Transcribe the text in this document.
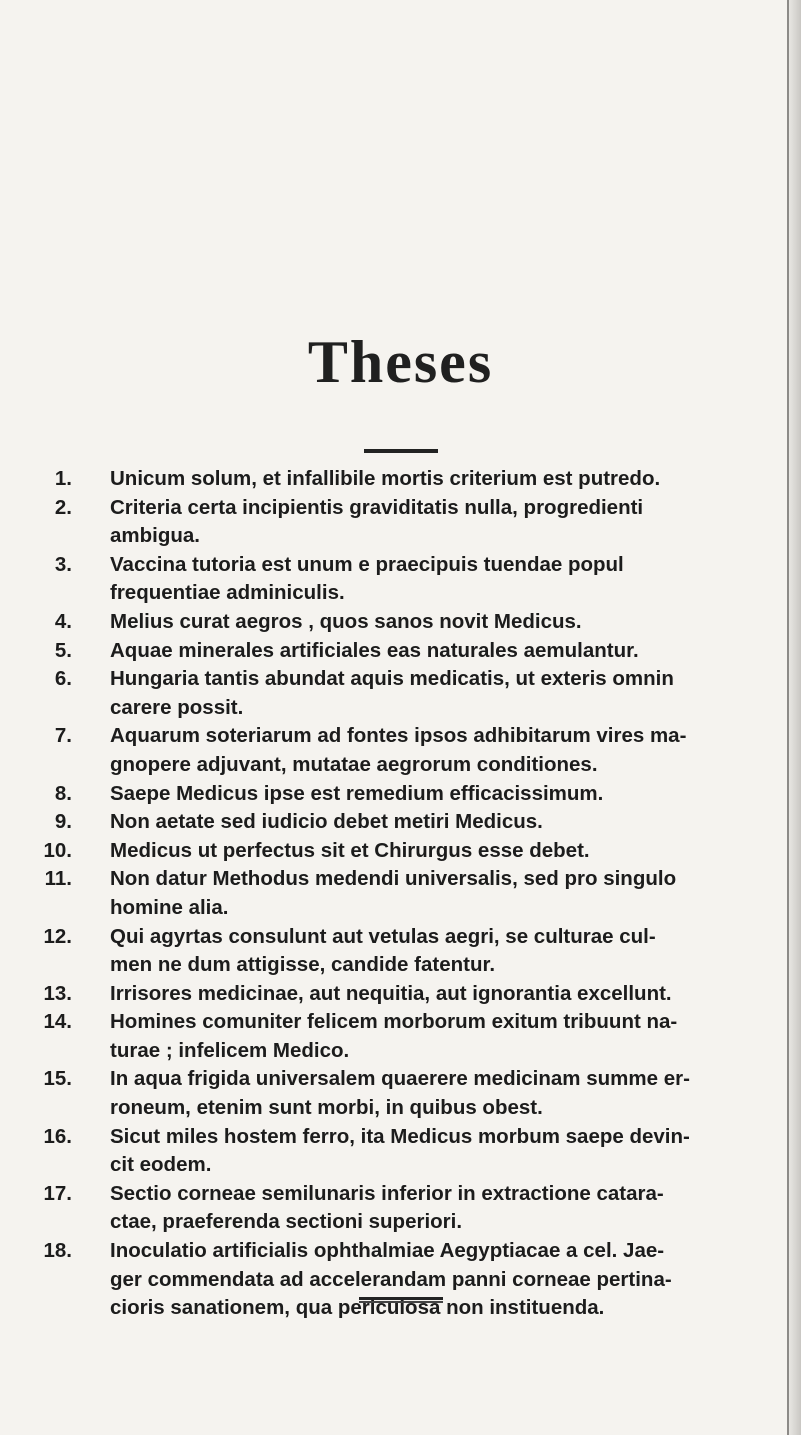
Theses
1. Unicum solum, et infallibile mortis criterium est putredo.
2. Criteria certa incipientis graviditatis nulla, progredienti
ambigua.
3. Vaccina tutoria est unum e praecipuis tuendae popul
frequentiae adminiculis.
4. Melius curat aegros , quos sanos novit Medicus.
5. Aquae minerales artificiales eas naturales aemulantur.
6. Hungaria tantis abundat aquis medicatis, ut exteris omnin
carere possit.
7. Aquarum soteriarum ad fontes ipsos adhibitarum vires ma-
gnopere adjuvant, mutatae aegrorum conditiones.
8. Saepe Medicus ipse est remedium efficacissimum.
9. Non aetate sed iudicio debet metiri Medicus.
10. Medicus ut perfectus sit et Chirurgus esse debet.
11. Non datur Methodus medendi universalis, sed pro singulo
homine alia.
12. Qui agyrtas consulunt aut vetulas aegri, se culturae cul-
men ne dum attigisse, candide fatentur.
13. Irrisores medicinae, aut nequitia, aut ignorantia excellunt.
14. Homines comuniter felicem morborum exitum tribuunt na-
turae ; infelicem Medico.
15. In aqua frigida universalem quaerere medicinam summe er-
roneum, etenim sunt morbi, in quibus obest.
16. Sicut miles hostem ferro, ita Medicus morbum saepe devin-
cit eodem.
17. Sectio corneae semilunaris inferior in extractione catara-
ctae, praeferenda sectioni superiori.
18. Inoculatio artificialis ophthalmiae Aegyptiacae a cel. Jae-
ger commendata ad accelerandam panni corneae pertina-
cioris sanationem, qua periculosa non instituenda.
